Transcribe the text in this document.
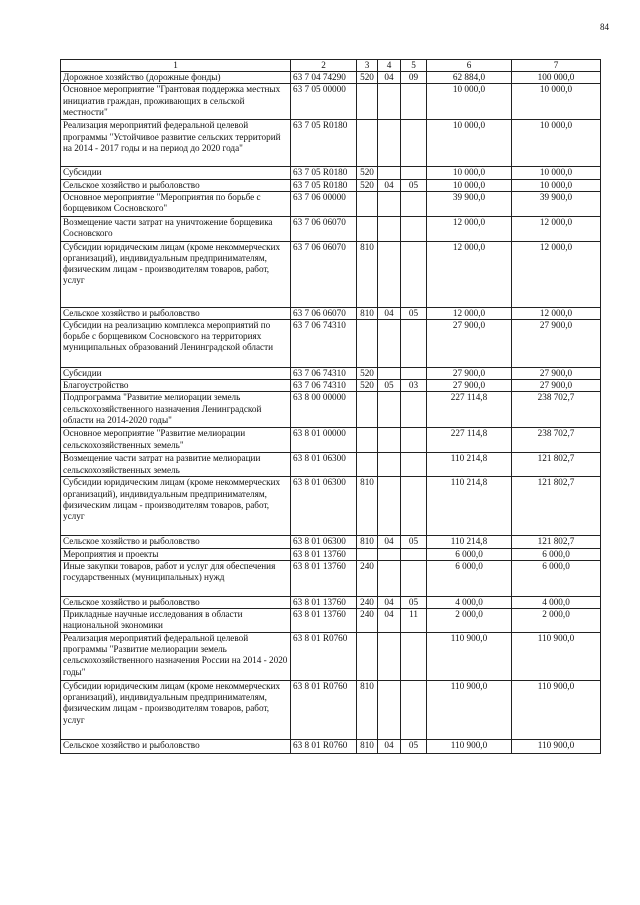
84
1	2	3	4	5	6	7
Дорожное хозяйство (дорожные фонды)	63 7 04 74290	520	04	09	62 884,0	100 000,0
Основное мероприятие "Грантовая поддержка местных инициатив граждан, проживающих в сельской местности"	63 7 05 00000				10 000,0	10 000,0
Реализация мероприятий федеральной целевой программы "Устойчивое развитие сельских территорий на 2014 - 2017 годы и на период до 2020 года"	63 7 05 R0180				10 000,0	10 000,0
Субсидии	63 7 05 R0180	520			10 000,0	10 000,0
Сельское хозяйство и рыболовство	63 7 05 R0180	520	04	05	10 000,0	10 000,0
Основное мероприятие "Мероприятия по борьбе с борщевиком Сосновского"	63 7 06 00000				39 900,0	39 900,0
Возмещение части затрат на уничтожение борщевика Сосновского	63 7 06 06070				12 000,0	12 000,0
Субсидии юридическим лицам (кроме некоммерческих организаций), индивидуальным предпринимателям, физическим лицам - производителям товаров, работ, услуг	63 7 06 06070	810			12 000,0	12 000,0
Сельское хозяйство и рыболовство	63 7 06 06070	810	04	05	12 000,0	12 000,0
Субсидии на реализацию комплекса мероприятий по борьбе с борщевиком Сосновского на территориях муниципальных образований Ленинградской области	63 7 06 74310				27 900,0	27 900,0
Субсидии	63 7 06 74310	520			27 900,0	27 900,0
Благоустройство	63 7 06 74310	520	05	03	27 900,0	27 900,0
Подпрограмма "Развитие мелиорации земель сельскохозяйственного назначения Ленинградской области на 2014-2020 годы"	63 8 00 00000				227 114,8	238 702,7
Основное мероприятие "Развитие мелиорации сельскохозяйственных земель"	63 8 01 00000				227 114,8	238 702,7
Возмещение части затрат на развитие мелиорации сельскохозяйственных земель	63 8 01 06300				110 214,8	121 802,7
Субсидии юридическим лицам (кроме некоммерческих организаций), индивидуальным предпринимателям, физическим лицам - производителям товаров, работ, услуг	63 8 01 06300	810			110 214,8	121 802,7
Сельское хозяйство и рыболовство	63 8 01 06300	810	04	05	110 214,8	121 802,7
Мероприятия и проекты	63 8 01 13760				6 000,0	6 000,0
Иные закупки товаров, работ и услуг для обеспечения государственных (муниципальных) нужд	63 8 01 13760	240			6 000,0	6 000,0
Сельское хозяйство и рыболовство	63 8 01 13760	240	04	05	4 000,0	4 000,0
Прикладные научные исследования в области национальной экономики	63 8 01 13760	240	04	11	2 000,0	2 000,0
Реализация мероприятий федеральной целевой программы "Развитие мелиорации земель сельскохозяйственного назначения России на 2014 - 2020 годы"	63 8 01 R0760				110 900,0	110 900,0
Субсидии юридическим лицам (кроме некоммерческих организаций), индивидуальным предпринимателям, физическим лицам - производителям товаров, работ, услуг	63 8 01 R0760	810			110 900,0	110 900,0
Сельское хозяйство и рыболовство	63 8 01 R0760	810	04	05	110 900,0	110 900,0
